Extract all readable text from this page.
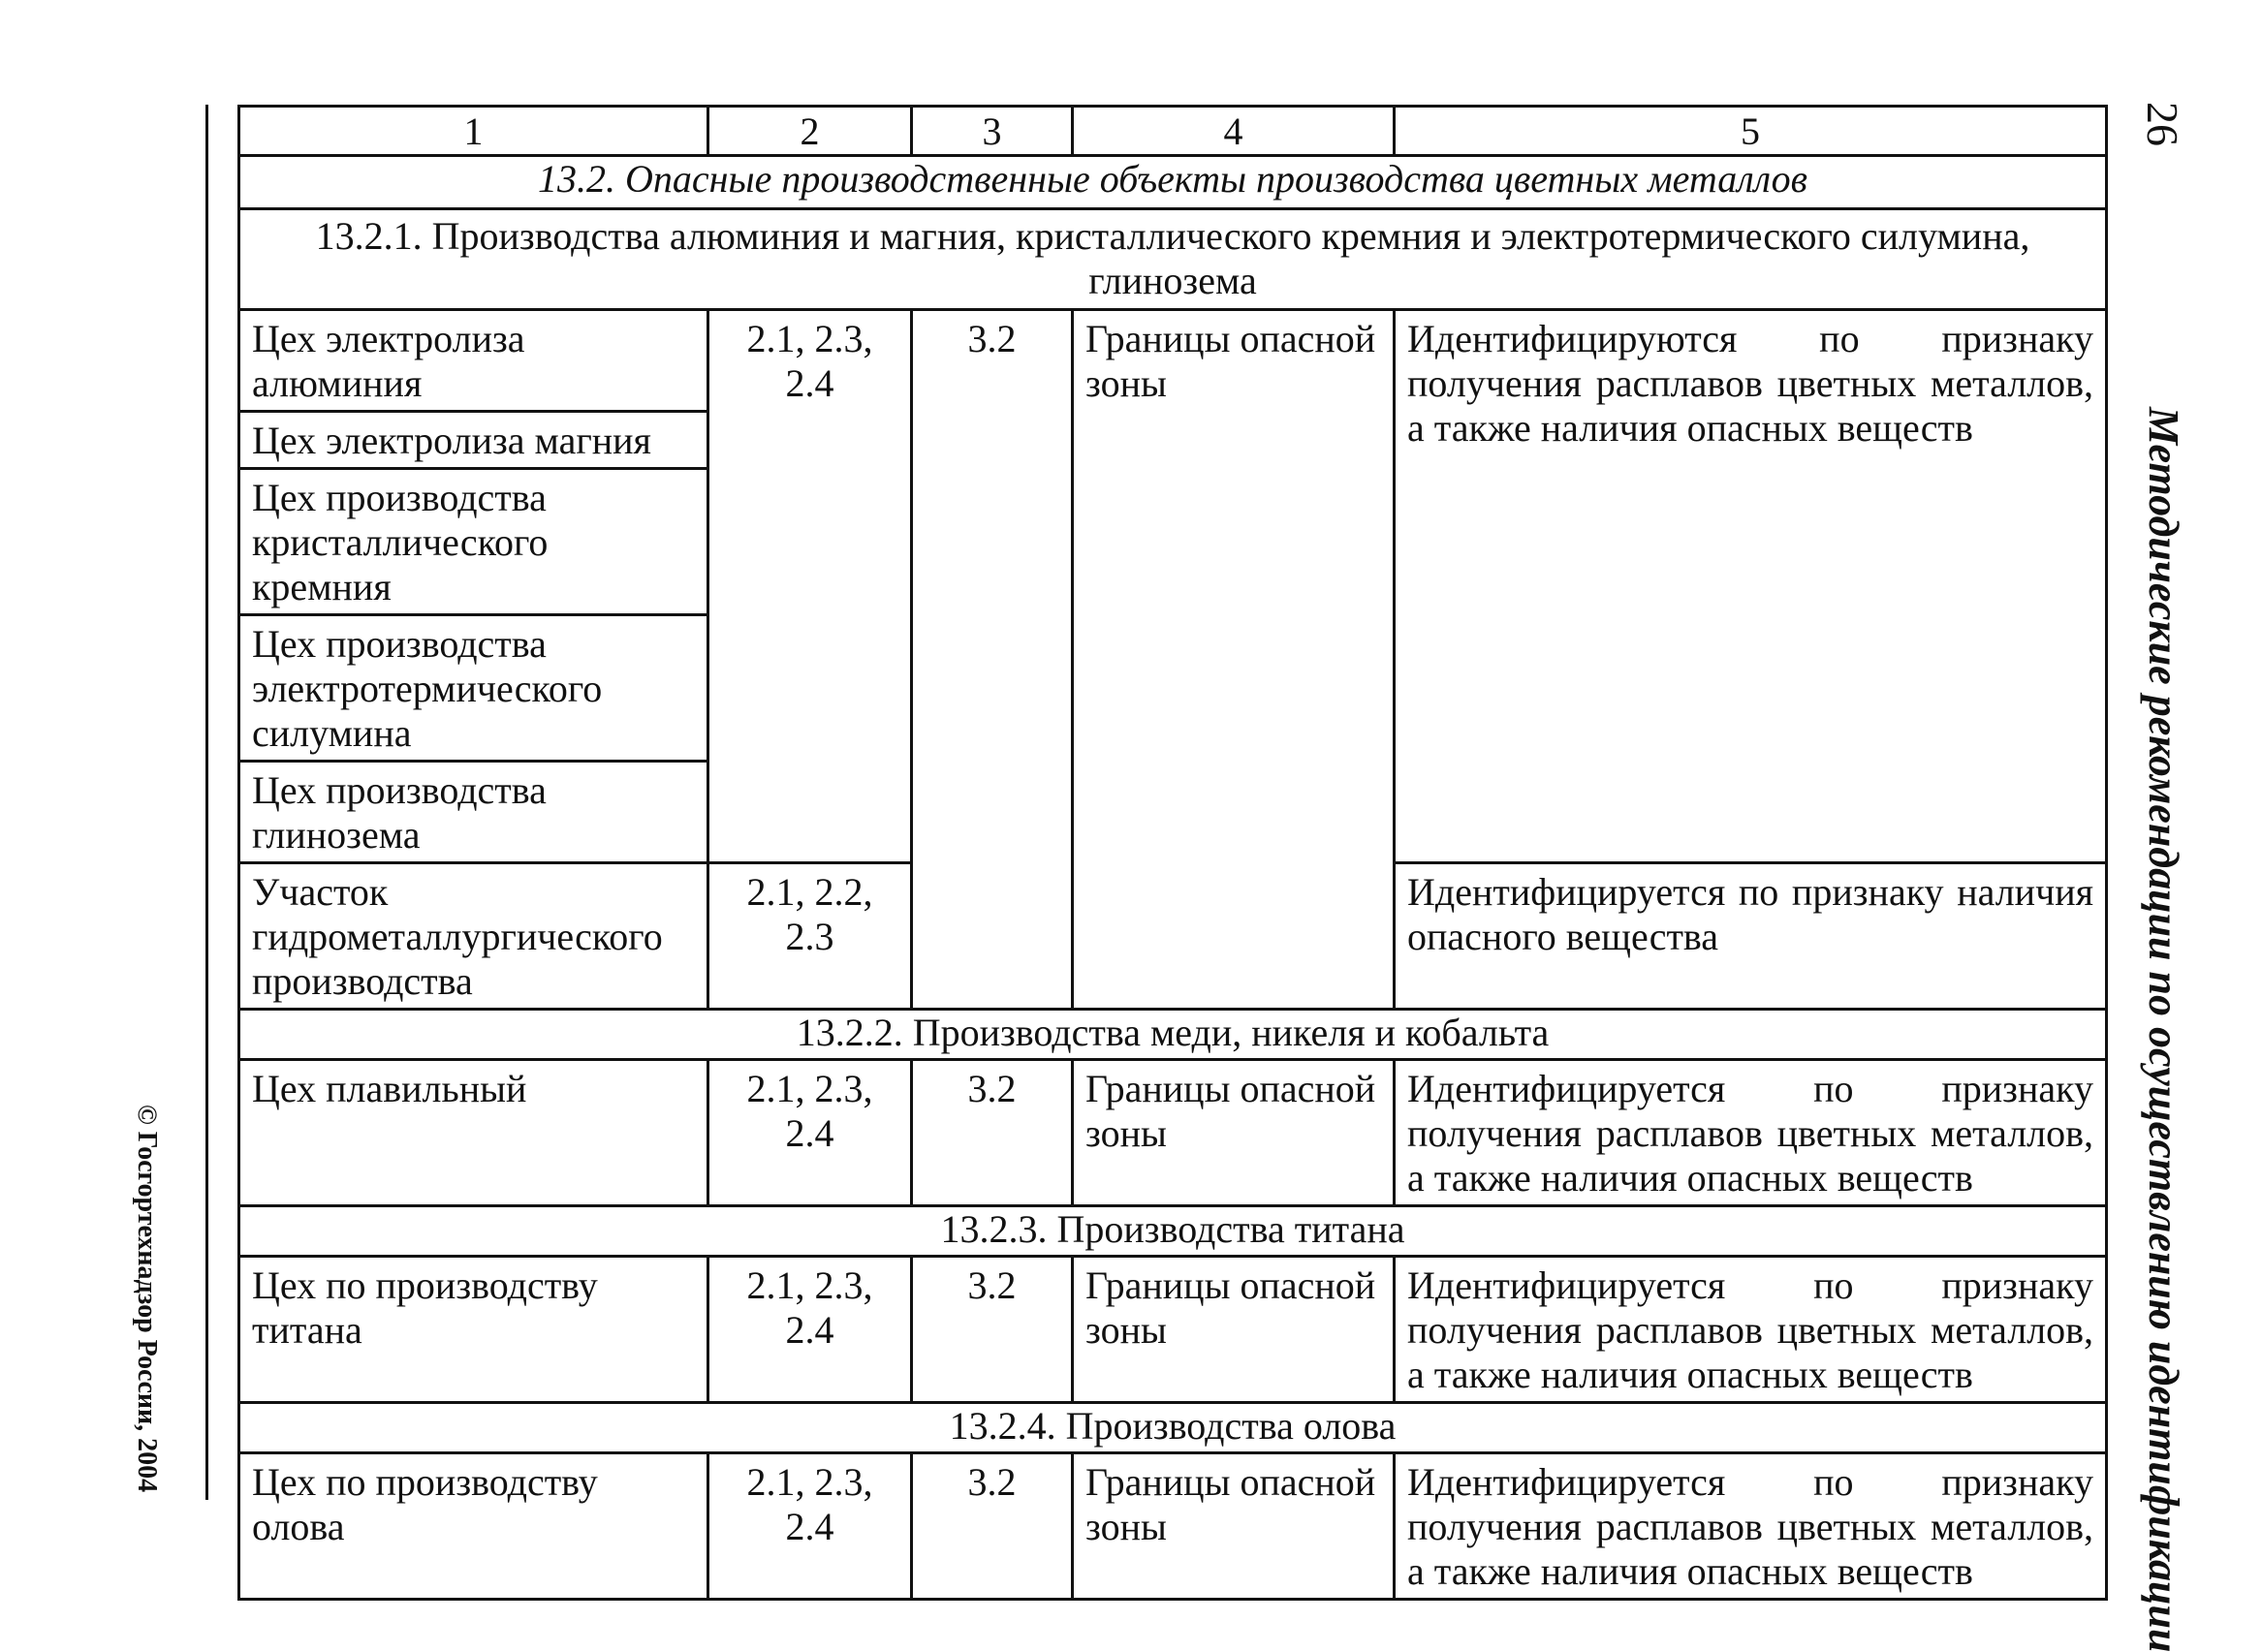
© Госгортехнадзор России, 2004
26
Методические рекомендации по осуществлению идентификации
1	2	3	4	5
13.2. Опасные производственные объекты производства цветных металлов				
13.2.1. Производства алюминия и магния, кристаллического кремния и электротермического силумина, глинозема				
Цех электролиза алюминия	2.1, 2.3, 2.4	3.2	Границы опасной зоны	Идентифицируются по признаку получения расплавов цветных металлов, а также наличия опасных веществ
Цех электролиза магния				
Цех производства кристаллического кремния				
Цех производства электротермического силумина				
Цех производства глинозема				
Участок гидрометаллургического производства	2.1, 2.2, 2.3			Идентифицируется по признаку наличия опасного вещества
13.2.2. Производства меди, никеля и кобальта				
Цех плавильный	2.1, 2.3, 2.4	3.2	Границы опасной зоны	Идентифицируется по признаку получения расплавов цветных металлов, а также наличия опасных веществ
13.2.3. Производства титана				
Цех по производству титана	2.1, 2.3, 2.4	3.2	Границы опасной зоны	Идентифицируется по признаку получения расплавов цветных металлов, а также наличия опасных веществ
13.2.4. Производства олова				
Цех по производству олова	2.1, 2.3, 2.4	3.2	Границы опасной зоны	Идентифицируется по признаку получения расплавов цветных металлов, а также наличия опасных веществ
